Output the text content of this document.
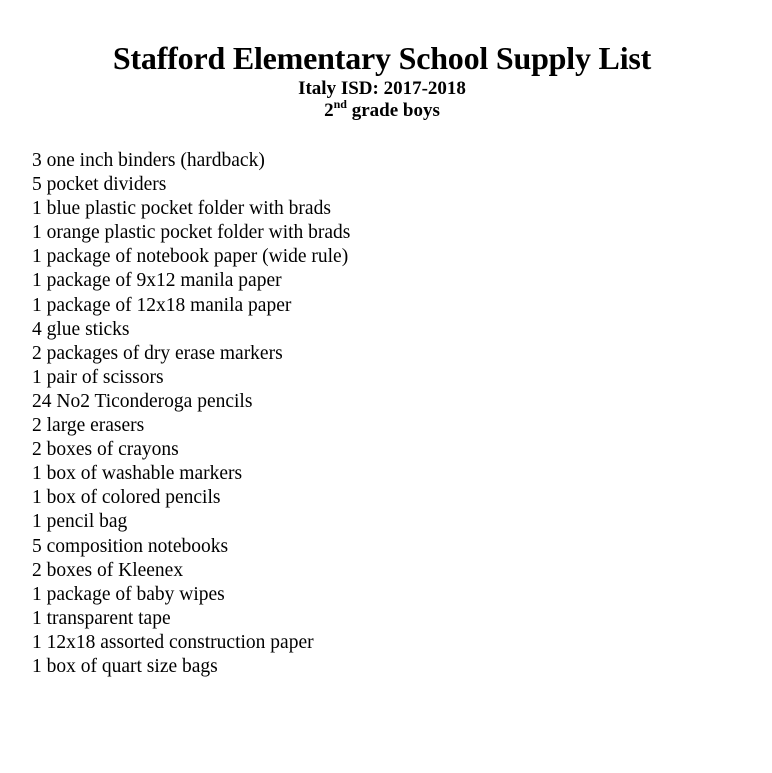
Stafford Elementary School Supply List

Italy ISD: 2017-2018

2nd grade boys

3 one inch binders (hardback)
5 pocket dividers
1 blue plastic pocket folder with brads
1 orange plastic pocket folder with brads
1 package of notebook paper (wide rule)
1 package of 9x12 manila paper
1 package of 12x18 manila paper
4 glue sticks
2 packages of dry erase markers
1 pair of scissors
24 No2 Ticonderoga pencils
2 large erasers
2 boxes of crayons
1 box of washable markers
1 box of colored pencils
1 pencil bag
5 composition notebooks
2 boxes of Kleenex
1 package of baby wipes
1 transparent tape
1 12x18 assorted construction paper
1 box of quart size bags
